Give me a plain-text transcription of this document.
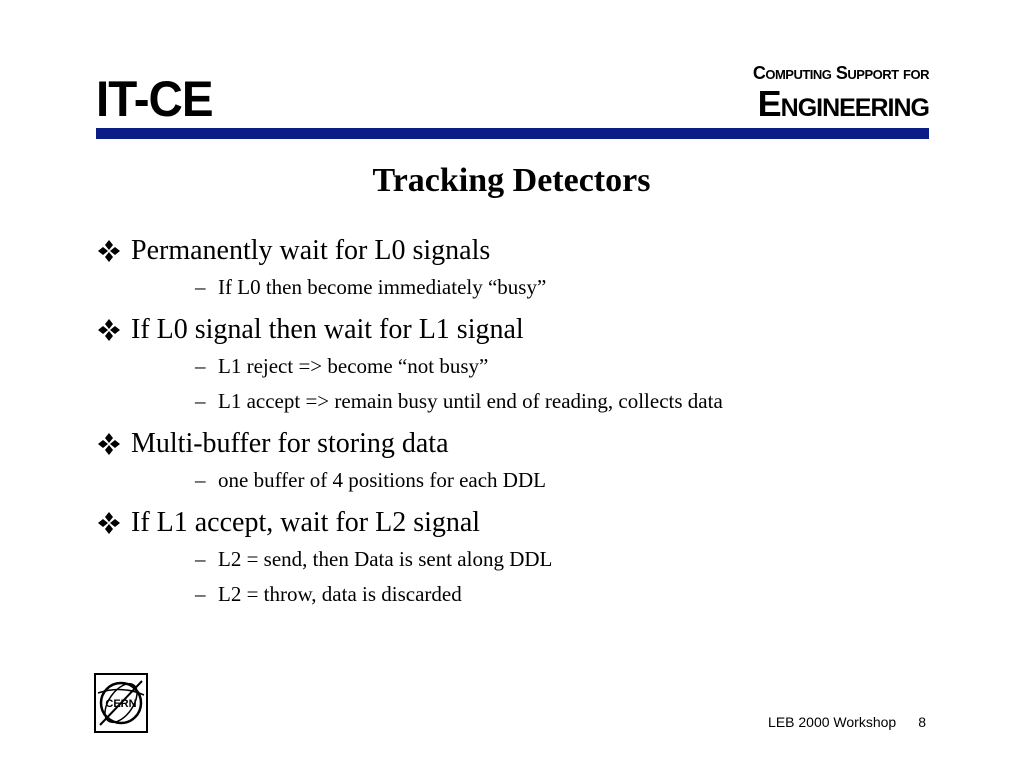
IT-CE	Computing Support for
Engineering
Tracking Detectors
Permanently wait for L0 signals
– If L0 then become immediately “busy”
If L0 signal then wait for L1 signal
– L1 reject => become “not busy”
– L1 accept => remain busy until end of reading, collects data
Multi-buffer for storing data
– one buffer of 4 positions for each DDL
If L1 accept, wait for L2 signal
– L2 = send, then Data is sent along DDL
– L2 = throw, data is discarded
CERN
LEB 2000 Workshop 8
